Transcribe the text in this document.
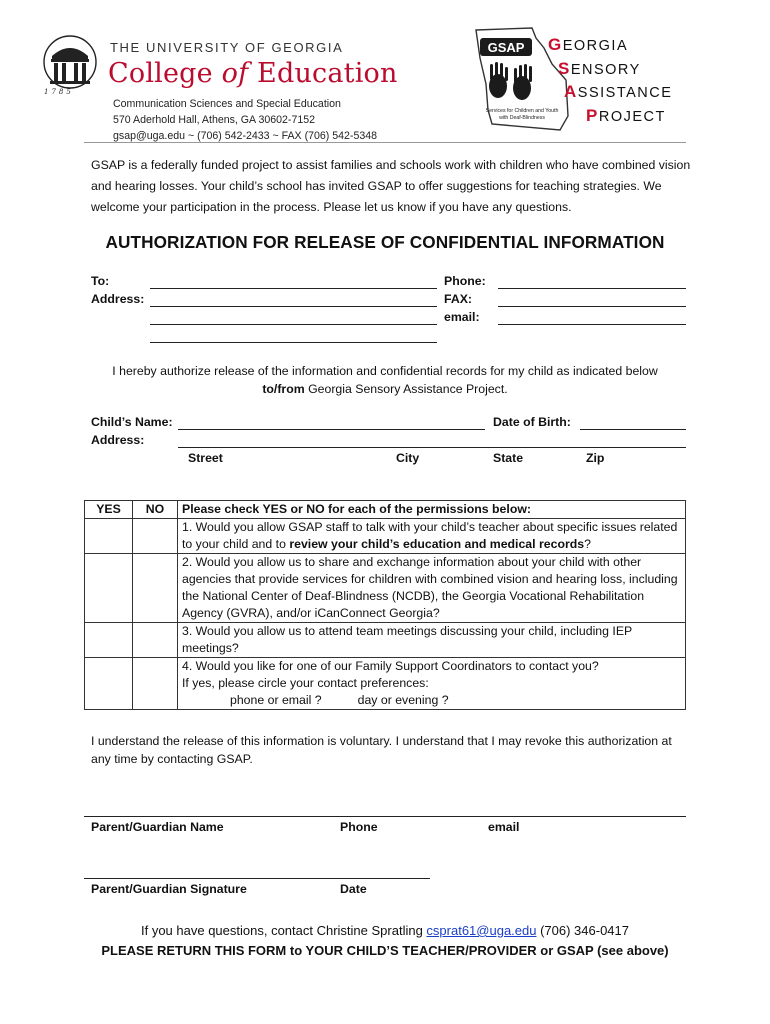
1785
THE UNIVERSITY OF GEORGIA
College of Education
Communication Sciences and Special Education
570 Aderhold Hall, Athens, GA 30602-7152
gsap@uga.edu ~ (706) 542-2433 ~ FAX (706) 542-5348
GSAP
Services for Children and Youth
with Deaf-Blindness
GEORGIA
SENSORY
ASSISTANCE
PROJECT
GSAP is a federally funded project to assist families and schools work with children who have combined vision and hearing losses. Your child’s school has invited GSAP to offer suggestions for teaching strategies. We welcome your participation in the process. Please let us know if you have any questions.
AUTHORIZATION FOR RELEASE OF CONFIDENTIAL INFORMATION
To:
Address:
Phone:
FAX:
email:
I hereby authorize release of the information and confidential records for my child as indicated below
to/from Georgia Sensory Assistance Project.
Child’s Name:	Date of Birth:
Address:
Street	City	State	Zip
YES	NO	Please check YES or NO for each of the permissions below:
		1. Would you allow GSAP staff to talk with your child’s teacher about specific issues related to your child and to review your child’s education and medical records?
		2. Would you allow us to share and exchange information about your child with other agencies that provide services for children with combined vision and hearing loss, including the National Center of Deaf-Blindness (NCDB), the Georgia Vocational Rehabilitation Agency (GVRA), and/or iCanConnect Georgia?
		3. Would you allow us to attend team meetings discussing your child, including IEP meetings?

		4. Would you like for one of our Family Support Coordinators to contact you?
If yes, please circle your contact preferences:
phone or email ? day or evening ?
I understand the release of this information is voluntary. I understand that I may revoke this authorization at any time by contacting GSAP.
Parent/Guardian Name	Phone	email
Parent/Guardian Signature	Date
If you have questions, contact Christine Spratling csprat61@uga.edu (706) 346-0417
PLEASE RETURN THIS FORM to YOUR CHILD’S TEACHER/PROVIDER or GSAP (see above)
